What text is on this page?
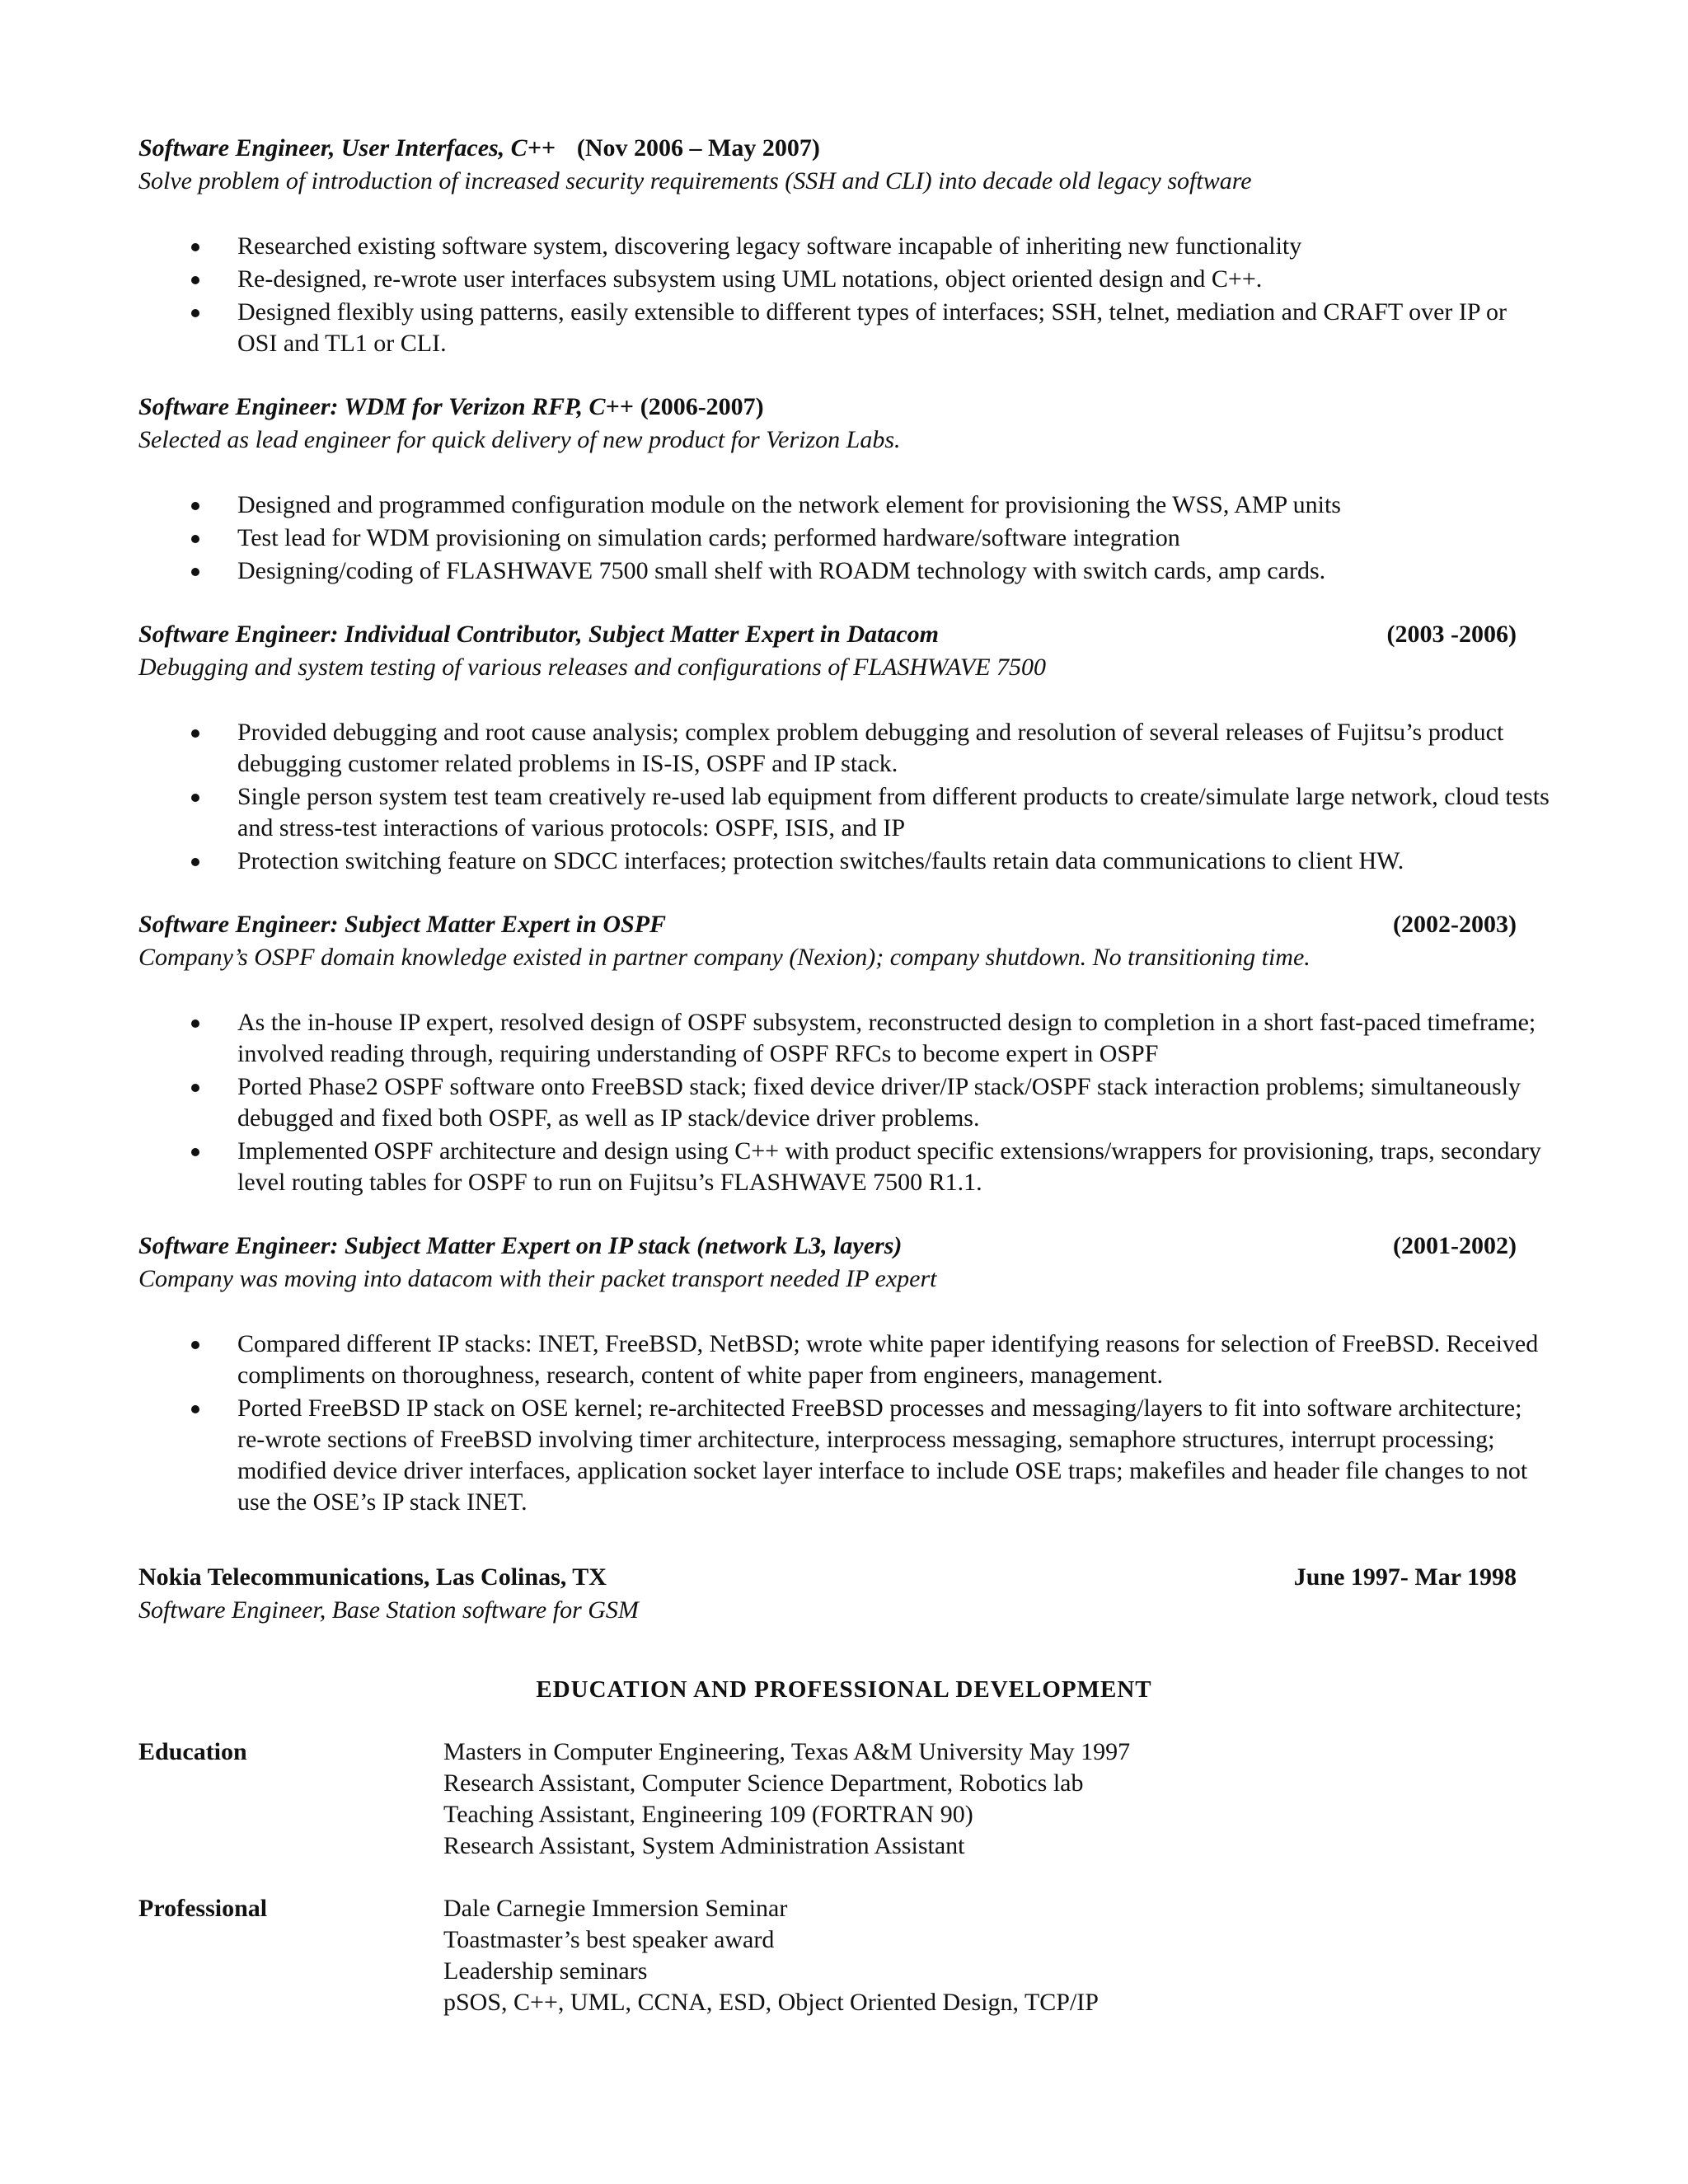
Software Engineer, User Interfaces, C++ (Nov 2006 – May 2007)
Solve problem of introduction of increased security requirements (SSH and CLI) into decade old legacy software
Researched existing software system, discovering legacy software incapable of inheriting new functionality
Re-designed, re-wrote user interfaces subsystem using UML notations, object oriented design and C++.
Designed flexibly using patterns, easily extensible to different types of interfaces; SSH, telnet, mediation and CRAFT over IP or OSI and TL1 or CLI.
Software Engineer: WDM for Verizon RFP, C++ (2006-2007)
Selected as lead engineer for quick delivery of new product for Verizon Labs.
Designed and programmed configuration module on the network element for provisioning the WSS, AMP units
Test lead for WDM provisioning on simulation cards; performed hardware/software integration
Designing/coding of FLASHWAVE 7500 small shelf with ROADM technology with switch cards, amp cards.
Software Engineer: Individual Contributor, Subject Matter Expert in Datacom	(2003 -2006)
Debugging and system testing of various releases and configurations of FLASHWAVE 7500
Provided debugging and root cause analysis; complex problem debugging and resolution of several releases of Fujitsu’s product debugging customer related problems in IS-IS, OSPF and IP stack.
Single person system test team creatively re-used lab equipment from different products to create/simulate large network, cloud tests and stress-test interactions of various protocols: OSPF, ISIS, and IP
Protection switching feature on SDCC interfaces; protection switches/faults retain data communications to client HW.
Software Engineer: Subject Matter Expert in OSPF	(2002-2003)
Company’s OSPF domain knowledge existed in partner company (Nexion); company shutdown. No transitioning time.
As the in-house IP expert, resolved design of OSPF subsystem, reconstructed design to completion in a short fast-paced timeframe; involved reading through, requiring understanding of OSPF RFCs to become expert in OSPF
Ported Phase2 OSPF software onto FreeBSD stack; fixed device driver/IP stack/OSPF stack interaction problems; simultaneously debugged and fixed both OSPF, as well as IP stack/device driver problems.
Implemented OSPF architecture and design using C++ with product specific extensions/wrappers for provisioning, traps, secondary level routing tables for OSPF to run on Fujitsu’s FLASHWAVE 7500 R1.1.
Software Engineer: Subject Matter Expert on IP stack (network L3, layers)	(2001-2002)
Company was moving into datacom with their packet transport needed IP expert
Compared different IP stacks: INET, FreeBSD, NetBSD; wrote white paper identifying reasons for selection of FreeBSD. Received compliments on thoroughness, research, content of white paper from engineers, management.
Ported FreeBSD IP stack on OSE kernel; re-architected FreeBSD processes and messaging/layers to fit into software architecture; re-wrote sections of FreeBSD involving timer architecture, interprocess messaging, semaphore structures, interrupt processing; modified device driver interfaces, application socket layer interface to include OSE traps; makefiles and header file changes to not use the OSE’s IP stack INET.
Nokia Telecommunications, Las Colinas, TX	June 1997- Mar 1998
Software Engineer, Base Station software for GSM
EDUCATION AND PROFESSIONAL DEVELOPMENT
Education	Masters in Computer Engineering, Texas A&M University May 1997
Research Assistant, Computer Science Department, Robotics lab
Teaching Assistant, Engineering 109 (FORTRAN 90)
Research Assistant, System Administration Assistant
Professional	Dale Carnegie Immersion Seminar
Toastmaster’s best speaker award
Leadership seminars
pSOS, C++, UML, CCNA, ESD, Object Oriented Design, TCP/IP
